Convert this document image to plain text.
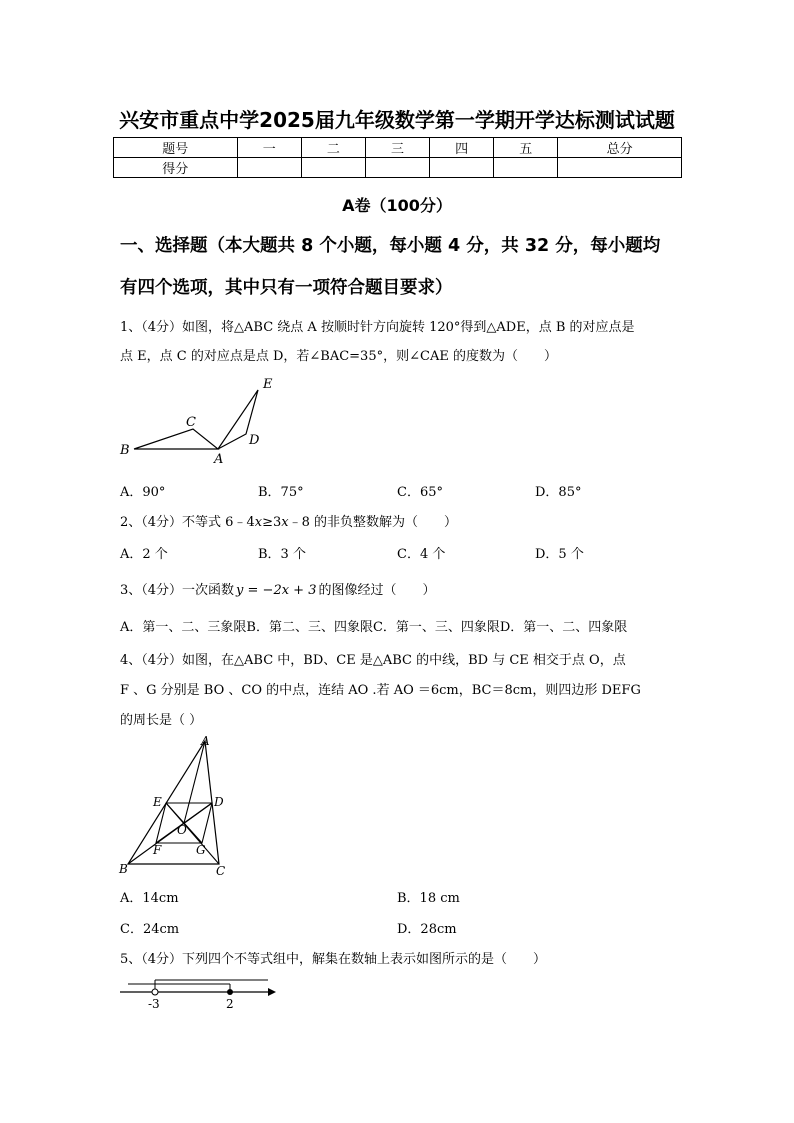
兴安市重点中学2025届九年级数学第一学期开学达标测试试题
题号	一	二	三	四	五	总分
得分						
A卷（100分）
一、选择题（本大题共 8 个小题，每小题 4 分，共 32 分，每小题均
有四个选项，其中只有一项符合题目要求）
1、（4分）如图，将△ABC 绕点 A 按顺时针方向旋转 120°得到△ADE，点 B 的对应点是
点 E，点 C 的对应点是点 D，若∠BAC=35°，则∠CAE 的度数为（　　）
B
C
A
D
E
A．90°	B．75°	C．65°	D．85°
2、（4分）不等式 6﹣4x≥3x﹣8 的非负整数解为（　　）
A．2 个	B．3 个	C．4 个	D．5 个
3、（4分）一次函数 y = −2x + 3 的图像经过（　　）
A．第一、二、三象限B．第二、三、四象限C．第一、三、四象限D．第一、二、四象限
4、（4分）如图，在△ABC 中，BD、CE 是△ABC 的中线，BD 与 CE 相交于点 O，点
F 、G 分别是 BO 、CO 的中点，连结 AO .若 AO ＝6cm，BC＝8cm，则四边形 DEFG
的周长是（ ）
A
E	D
O
F	G
B	C
A．14cm	B．18 cm
C．24cm	D．28cm
5、（4分）下列四个不等式组中，解集在数轴上表示如图所示的是（　　）
-3	2
